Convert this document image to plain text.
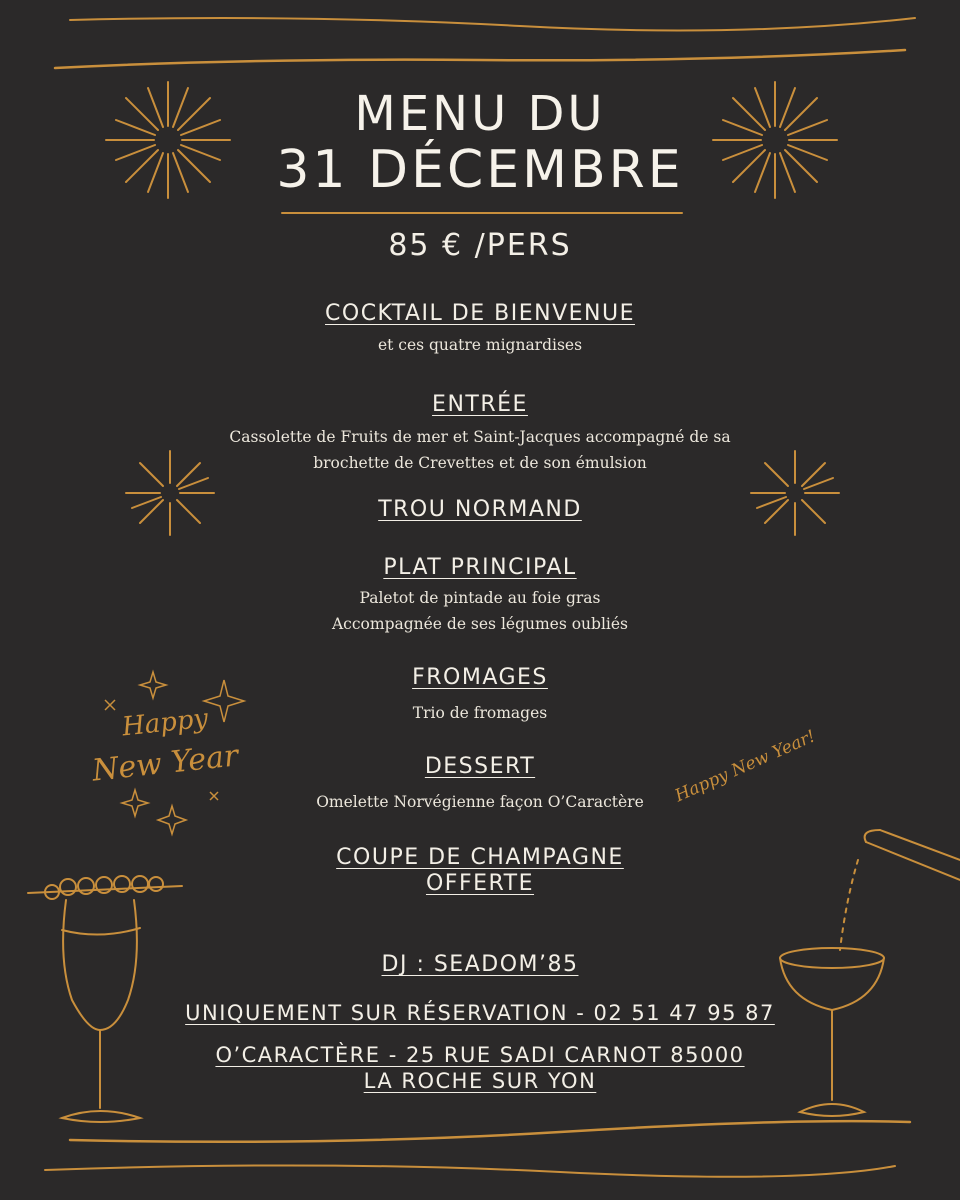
MENU DU
31 DÉCEMBRE
85 € /PERS
COCKTAIL DE BIENVENUE
et ces quatre mignardises
ENTRÉE
Cassolette de Fruits de mer et Saint-Jacques accompagné de sa
brochette de Crevettes et de son émulsion
TROU NORMAND
PLAT PRINCIPAL
Paletot de pintade au foie gras
Accompagnée de ses légumes oubliés
FROMAGES
Trio de fromages
DESSERT
Omelette Norvégienne façon O’Caractère
COUPE DE CHAMPAGNE
OFFERTE
DJ : SEADOM’85
UNIQUEMENT SUR RÉSERVATION - 02 51 47 95 87
O’CARACTÈRE - 25 RUE SADI CARNOT 85000
LA ROCHE SUR YON
Happy
New Year	Happy New Year!
